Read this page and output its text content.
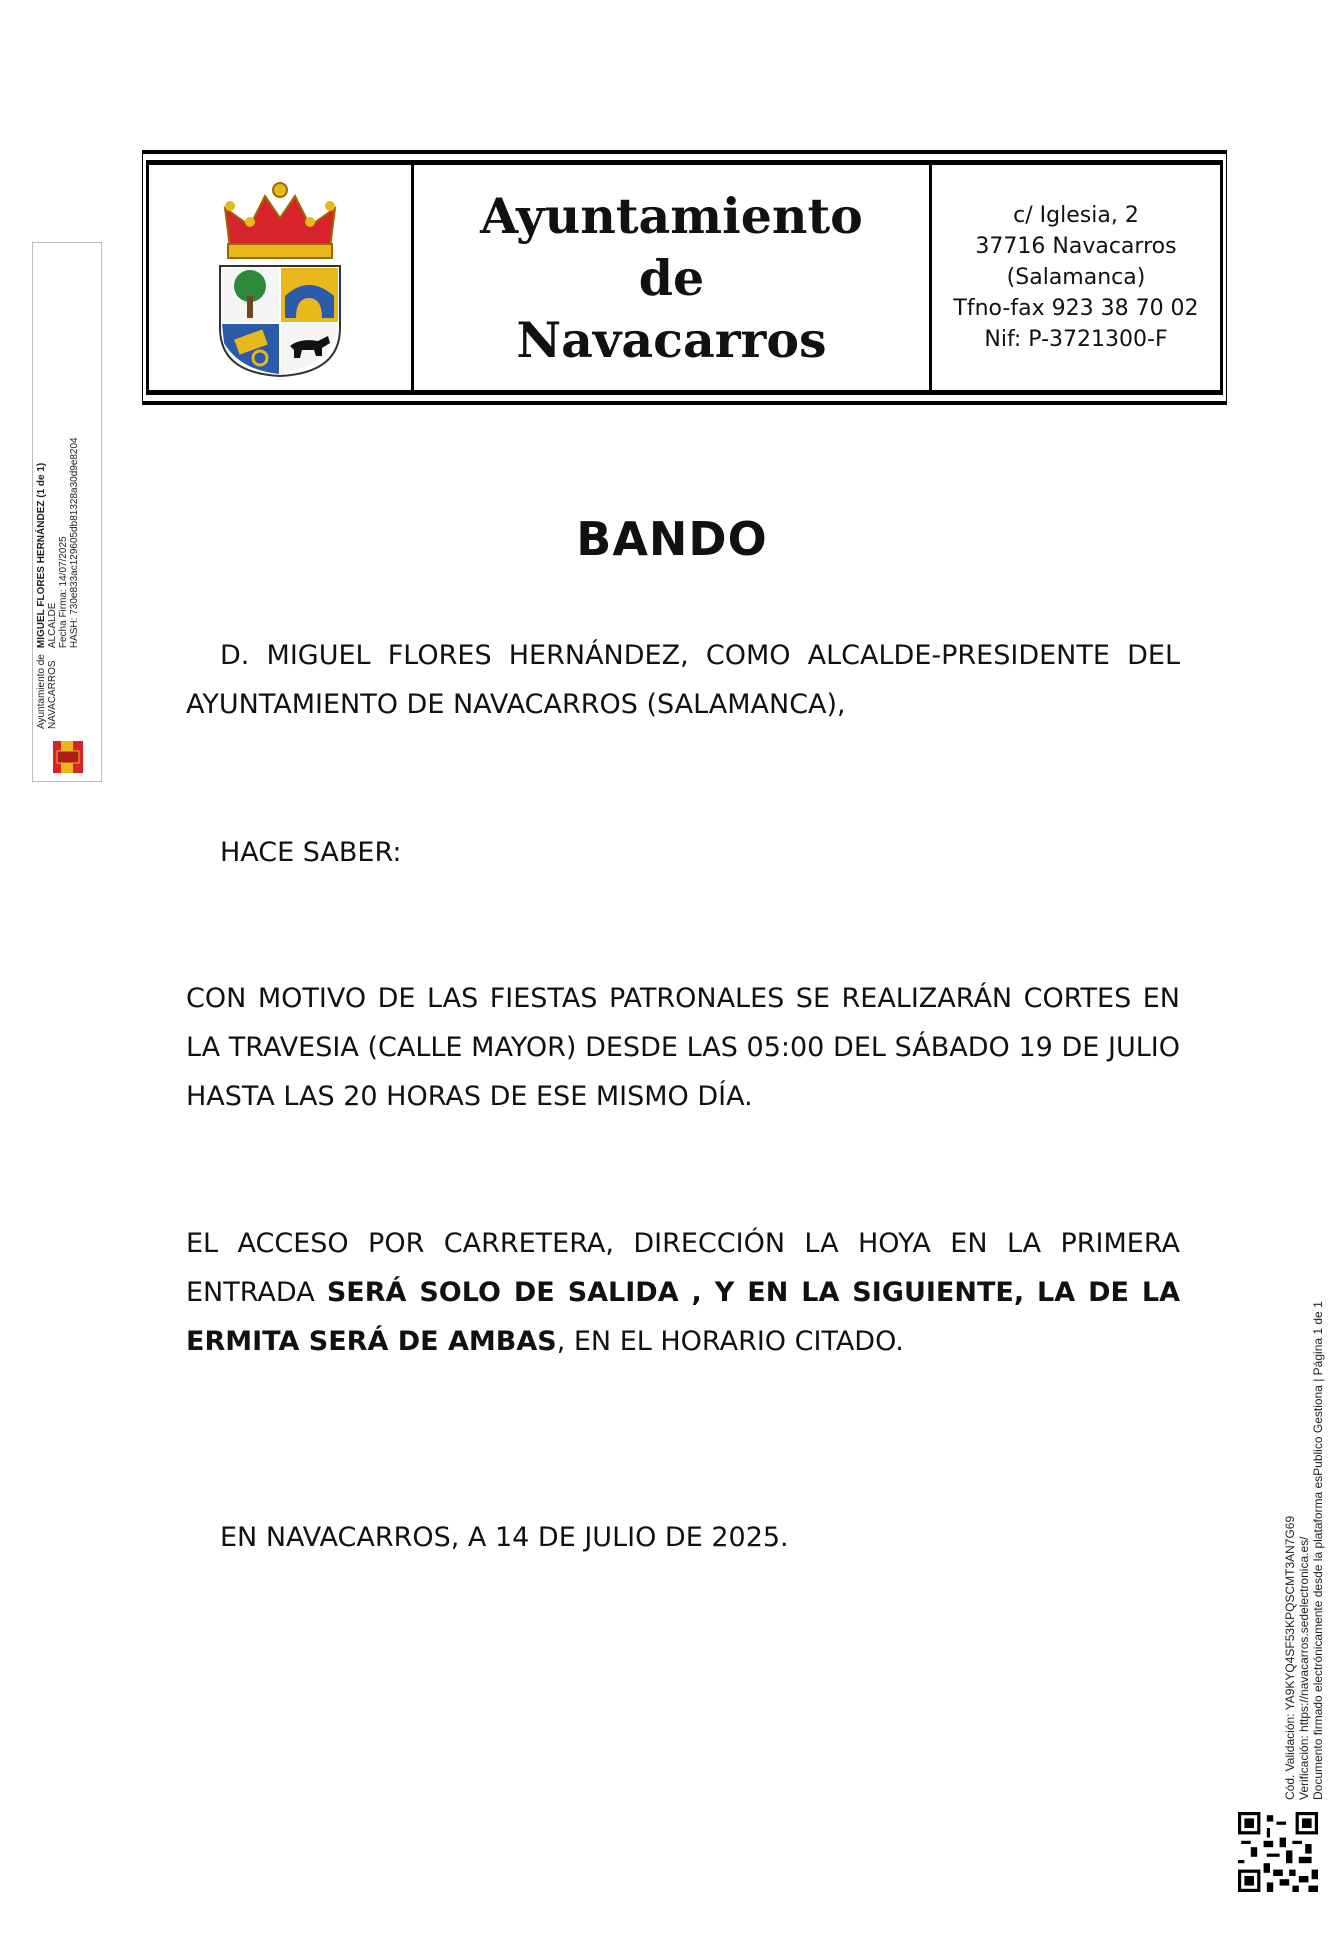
Ayuntamiento
de
Navacarros
c/ Iglesia, 2
37716 Navacarros
(Salamanca)
Tfno-fax 923 38 70 02
Nif: P-3721300-F
Ayuntamiento de NAVACARROS
MIGUEL FLORES HERNÁNDEZ (1 de 1) ALCALDE Fecha Firma: 14/07/2025 HASH: 730e833ac129605db81328a30d9e8204
Cód. Validación: YA9KYQ4SF53KPQSCMT3AN7G69 Verificación: https://navacarros.sedelectronica.es/ Documento firmado electrónicamente desde la plataforma esPublico Gestiona | Página 1 de 1
BANDO
D. MIGUEL FLORES HERNÁNDEZ, COMO ALCALDE-PRESIDENTE DEL AYUNTAMIENTO DE NAVACARROS (SALAMANCA),
HACE SABER:
CON MOTIVO DE LAS FIESTAS PATRONALES SE REALIZARÁN CORTES EN LA TRAVESIA (CALLE MAYOR) DESDE LAS 05:00 DEL SÁBADO 19 DE JULIO HASTA LAS 20 HORAS DE ESE MISMO DÍA.
EL ACCESO POR CARRETERA, DIRECCIÓN LA HOYA EN LA PRIMERA ENTRADA SERÁ SOLO DE SALIDA , Y EN LA SIGUIENTE, LA DE LA ERMITA SERÁ DE AMBAS, EN EL HORARIO CITADO.
EN NAVACARROS, A 14 DE JULIO DE 2025.
